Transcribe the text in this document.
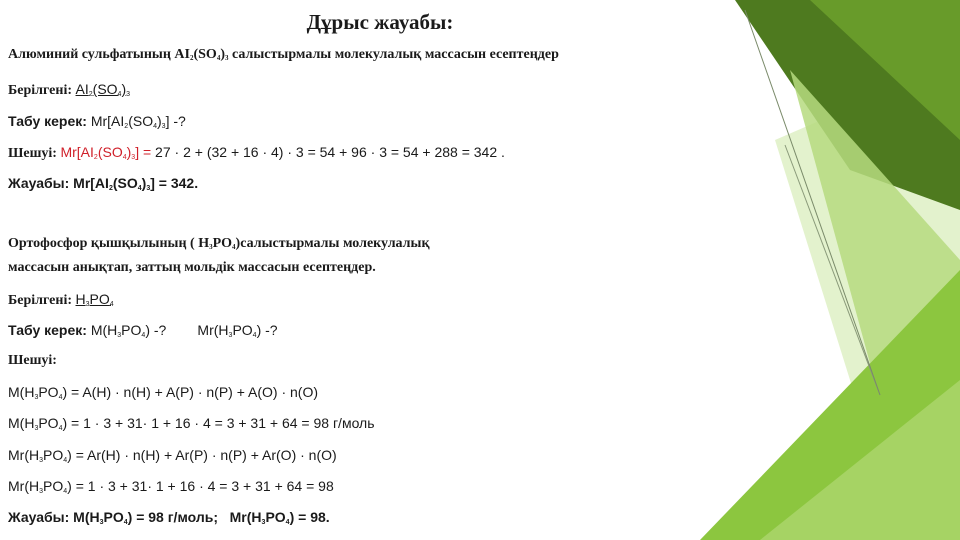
Дұрыс жауабы:
Алюминий сульфатының $AI_2(SO_4)_3$ салыстырмалы молекулалық массасын есептеңдер
Берілгені: $AI_2(SO_4)_3$
Табу керек: $Mr[AI_2(SO_4)_3]$ -?
Шешуі: $Mr[AI_2(SO_4)_3] = 27 \cdot 2 + (32 + 16 \cdot 4) \cdot 3 = 54 + 96 \cdot 3 = 54 + 288 = 342$ .
Жауабы: $Mr[AI_2(SO_4)_3] = 342$.
Ортофосфор қышқылының ( $H_3PO_4)салыстырмалы$ молекулалық
массасын анықтап, заттың мольдік массасын есептеңдер.
Берілгені: $H_3PO_4$
Табу керек: $M(H_3PO_4)$ -?        $Mr(H_3PO_4)$ -?
Шешуі:
$M(H_3PO_4) = A(H) \cdot n(H) + A(P) \cdot n(P) + A(O) \cdot n(O)$
$M(H_3PO_4) = 1 \cdot 3 + 31\cdot 1 + 16 \cdot 4 = 3 + 31 + 64 = 98$ г/моль
$Mr(H_3PO_4) = Ar(H) \cdot n(H) + Ar(P) \cdot n(P) + Ar(O) \cdot n(O)$
$Mr(H_3PO_4) = 1 \cdot 3 + 31\cdot 1 + 16 \cdot 4 = 3 + 31 + 64 = 98$
Жауабы: $M(H_3PO_4) = 98$ г/моль;   $Mr(H_3PO_4) = 98$.
